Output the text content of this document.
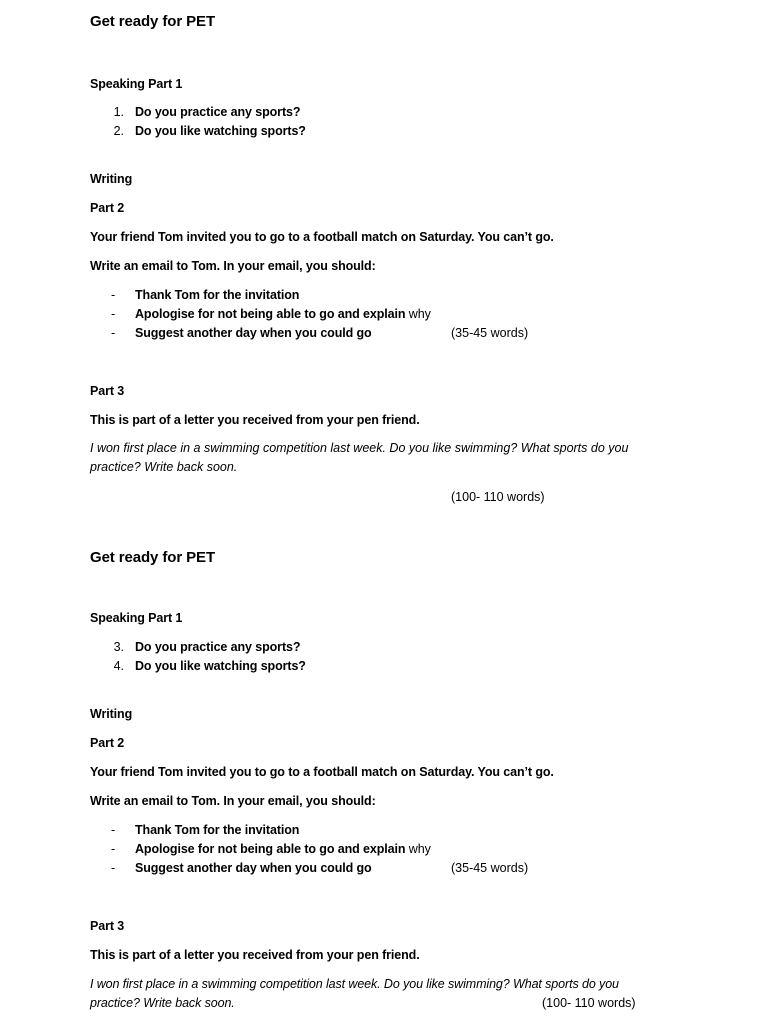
Get ready for PET
Speaking Part 1
1. Do you practice any sports?
2. Do you like watching sports?
Writing
Part 2
Your friend Tom invited you to go to a football match on Saturday. You can’t go.
Write an email to Tom. In your email, you should:
- Thank Tom for the invitation
- Apologise for not being able to go and explain why
- Suggest another day when you could go	(35-45 words)
Part 3
This is part of a letter you received from your pen friend.
I won first place in a swimming competition last week. Do you like swimming? What sports do you practice? Write back soon.
(100- 110 words)
Get ready for PET
Speaking Part 1
3. Do you practice any sports?
4. Do you like watching sports?
Writing
Part 2
Your friend Tom invited you to go to a football match on Saturday. You can’t go.
Write an email to Tom. In your email, you should:
- Thank Tom for the invitation
- Apologise for not being able to go and explain why
- Suggest another day when you could go	(35-45 words)
Part 3
This is part of a letter you received from your pen friend.
I won first place in a swimming competition last week. Do you like swimming? What sports do you
practice? Write back soon.	(100- 110 words)
